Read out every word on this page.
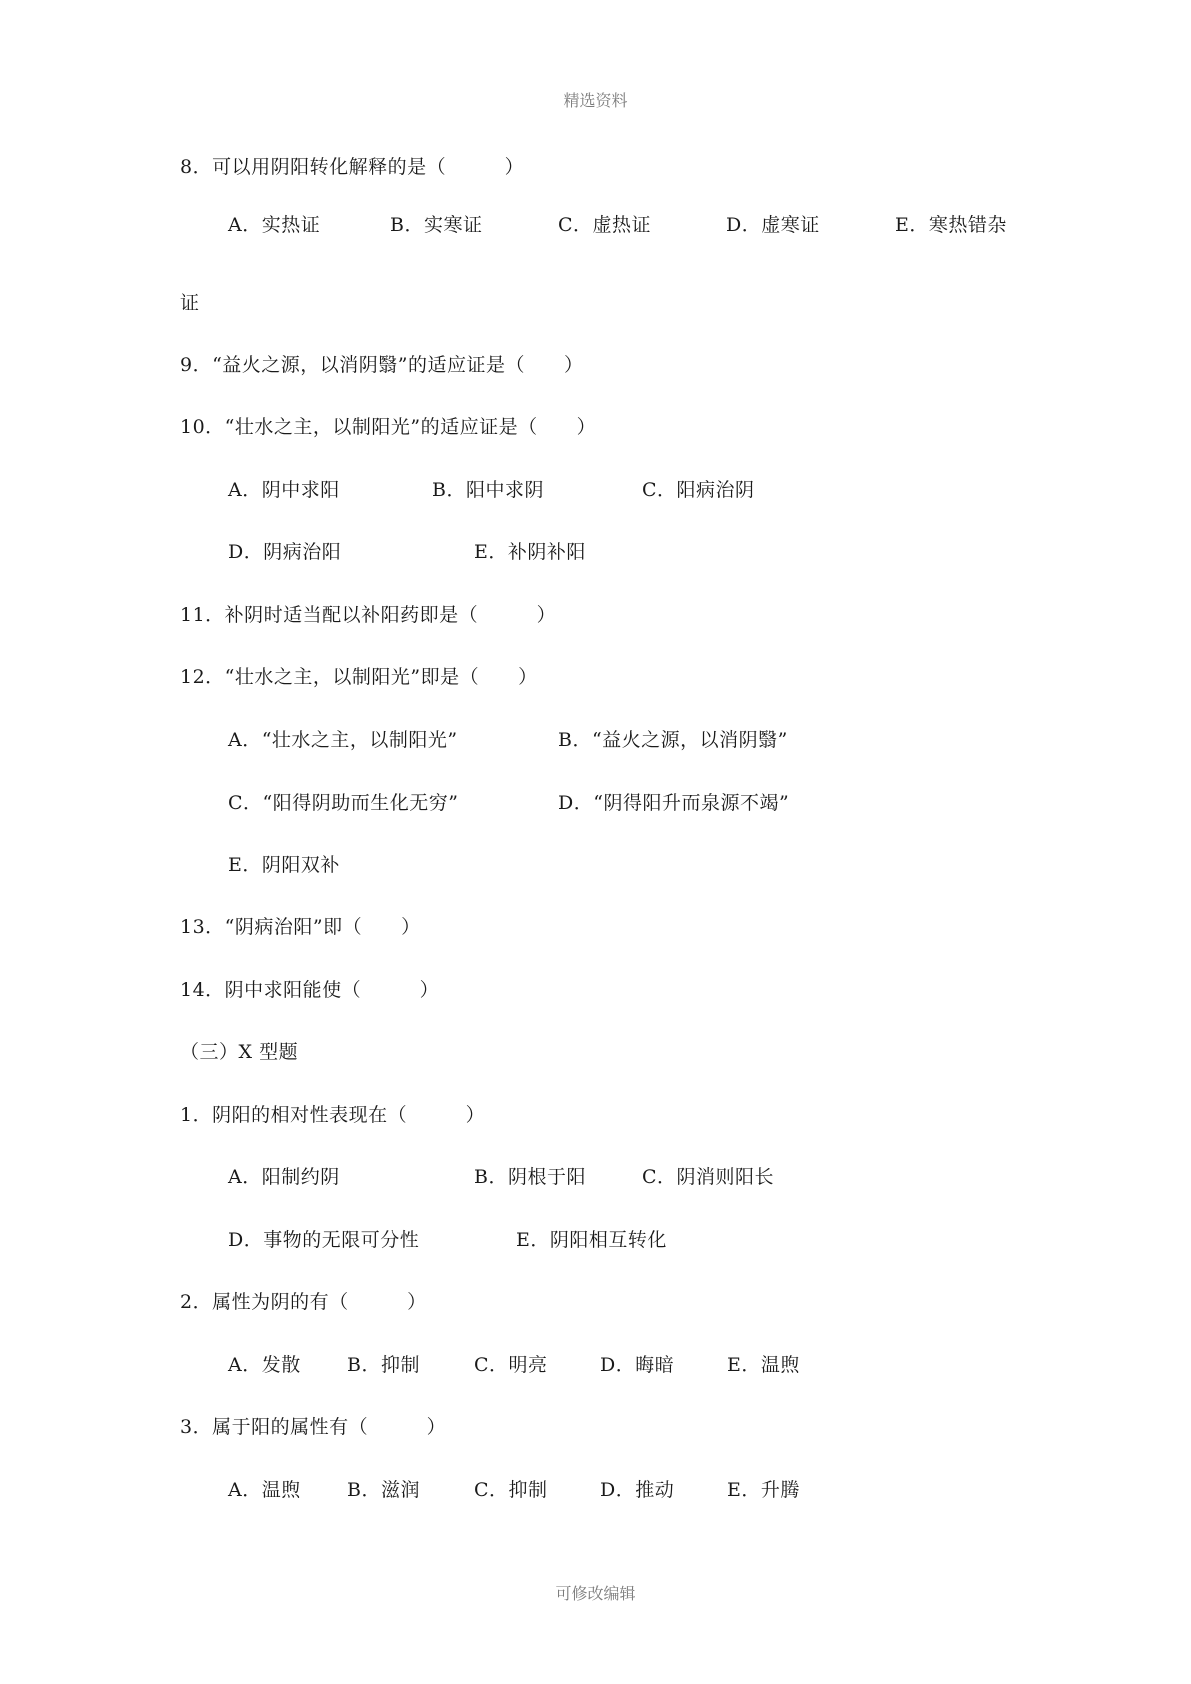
精选资料
8．可以用阴阳转化解释的是（　　　）
A．实热证	B．实寒证	C．虚热证	D．虚寒证	E．寒热错杂
证
9．“益火之源，以消阴翳”的适应证是（　　）
10．“壮水之主，以制阳光”的适应证是（　　）
A．阴中求阳	B．阳中求阴	C．阳病治阴
D．阴病治阳	E．补阴补阳
11．补阴时适当配以补阳药即是（　　　）
12．“壮水之主，以制阳光”即是（　　）
A．“壮水之主，以制阳光”	B．“益火之源，以消阴翳”
C．“阳得阴助而生化无穷”	D．“阴得阳升而泉源不竭”
E．阴阳双补
13．“阴病治阳”即（　　）
14．阴中求阳能使（　　　）
（三）X 型题
1．阴阳的相对性表现在（　　　）
A．阳制约阴	B．阴根于阳	C．阴消则阳长
D．事物的无限可分性	E．阴阳相互转化
2．属性为阴的有（　　　）
A．发散 B．抑制	C．明亮	D．晦暗	E．温煦
3．属于阳的属性有（　　　）
A．温煦 B．滋润	C．抑制	D．推动	E．升腾
可修改编辑
